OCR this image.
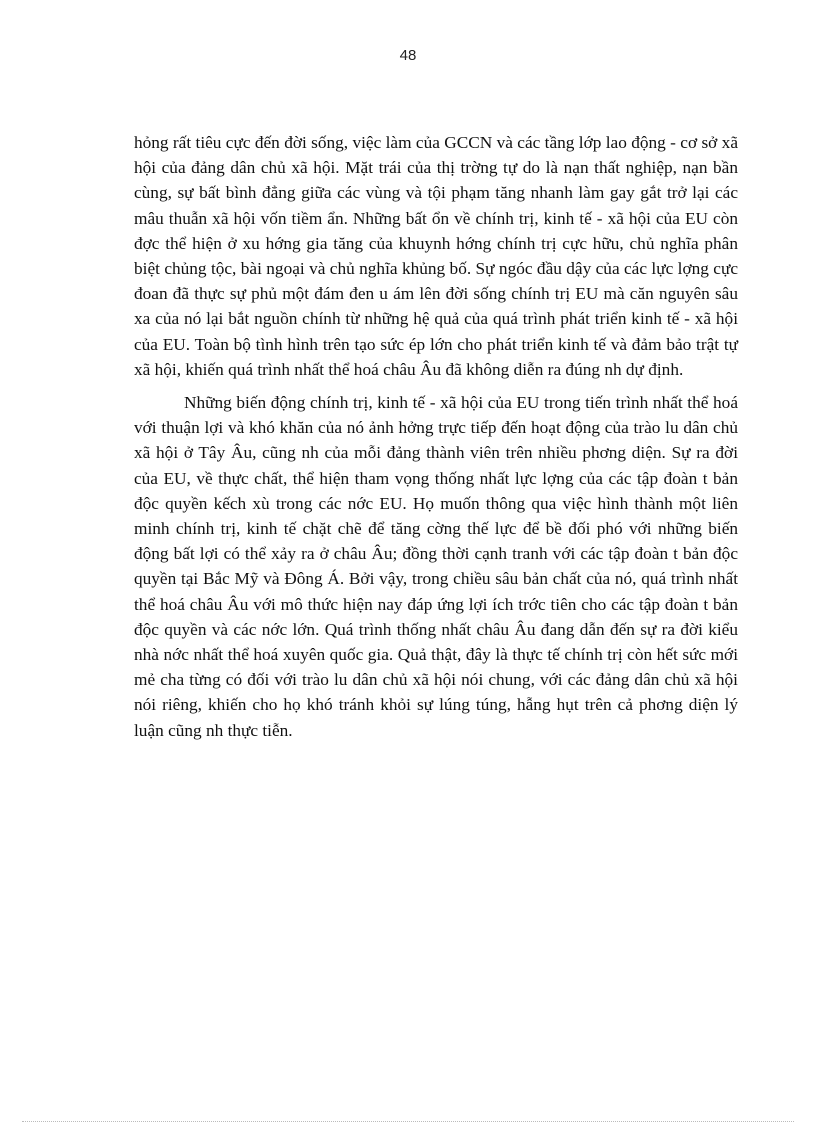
48

hỏng rất tiêu cực đến đời sống, việc làm của GCCN và các tầng lớp lao động - cơ sở xã hội của đảng dân chủ xã hội. Mặt trái của thị trờng tự do là nạn thất nghiệp, nạn bần cùng, sự bất bình đẳng giữa các vùng và tội phạm tăng nhanh làm gay gắt trở lại các mâu thuẫn xã hội vốn tiềm ẩn. Những bất ổn về chính trị, kinh tế - xã hội của EU còn đợc thể hiện ở xu hớng gia tăng của khuynh hớng chính trị cực hữu, chủ nghĩa phân biệt chủng tộc, bài ngoại và chủ nghĩa khủng bố. Sự ngóc đầu dậy của các lực lợng cực đoan đã thực sự phủ một đám đen u ám lên đời sống chính trị EU mà căn nguyên sâu xa của nó lại bắt nguồn chính từ những hệ quả của quá trình phát triển kinh tế - xã hội của EU. Toàn bộ tình hình trên tạo sức ép lớn cho phát triển kinh tế và đảm bảo trật tự xã hội, khiến quá trình nhất thể hoá châu Âu đã không diễn ra đúng nh dự định.

Những biến động chính trị, kinh tế - xã hội của EU trong tiến trình nhất thể hoá với thuận lợi và khó khăn của nó ảnh hởng trực tiếp đến hoạt động của trào lu dân chủ xã hội ở Tây Âu, cũng nh của mỗi đảng thành viên trên nhiều phơng diện. Sự ra đời của EU, về thực chất, thể hiện tham vọng thống nhất lực lợng của các tập đoàn t bản độc quyền kếch xù trong các nớc EU. Họ muốn thông qua việc hình thành một liên minh chính trị, kinh tế chặt chẽ để tăng cờng thế lực để bề đối phó với những biến động bất lợi có thể xảy ra ở châu Âu; đồng thời cạnh tranh với các tập đoàn t bản độc quyền tại Bắc Mỹ và Đông Á. Bởi vậy, trong chiều sâu bản chất của nó, quá trình nhất thể hoá châu Âu với mô thức hiện nay đáp ứng lợi ích trớc tiên cho các tập đoàn t bản độc quyền và các nớc lớn. Quá trình thống nhất châu Âu đang dẫn đến sự ra đời kiểu nhà nớc nhất thể hoá xuyên quốc gia. Quả thật, đây là thực tế chính trị còn hết sức mới mẻ cha từng có đối với trào lu dân chủ xã hội nói chung, với các đảng dân chủ xã hội nói riêng, khiến cho họ khó tránh khỏi sự lúng túng, hẫng hụt trên cả phơng diện lý luận cũng nh thực tiễn.
